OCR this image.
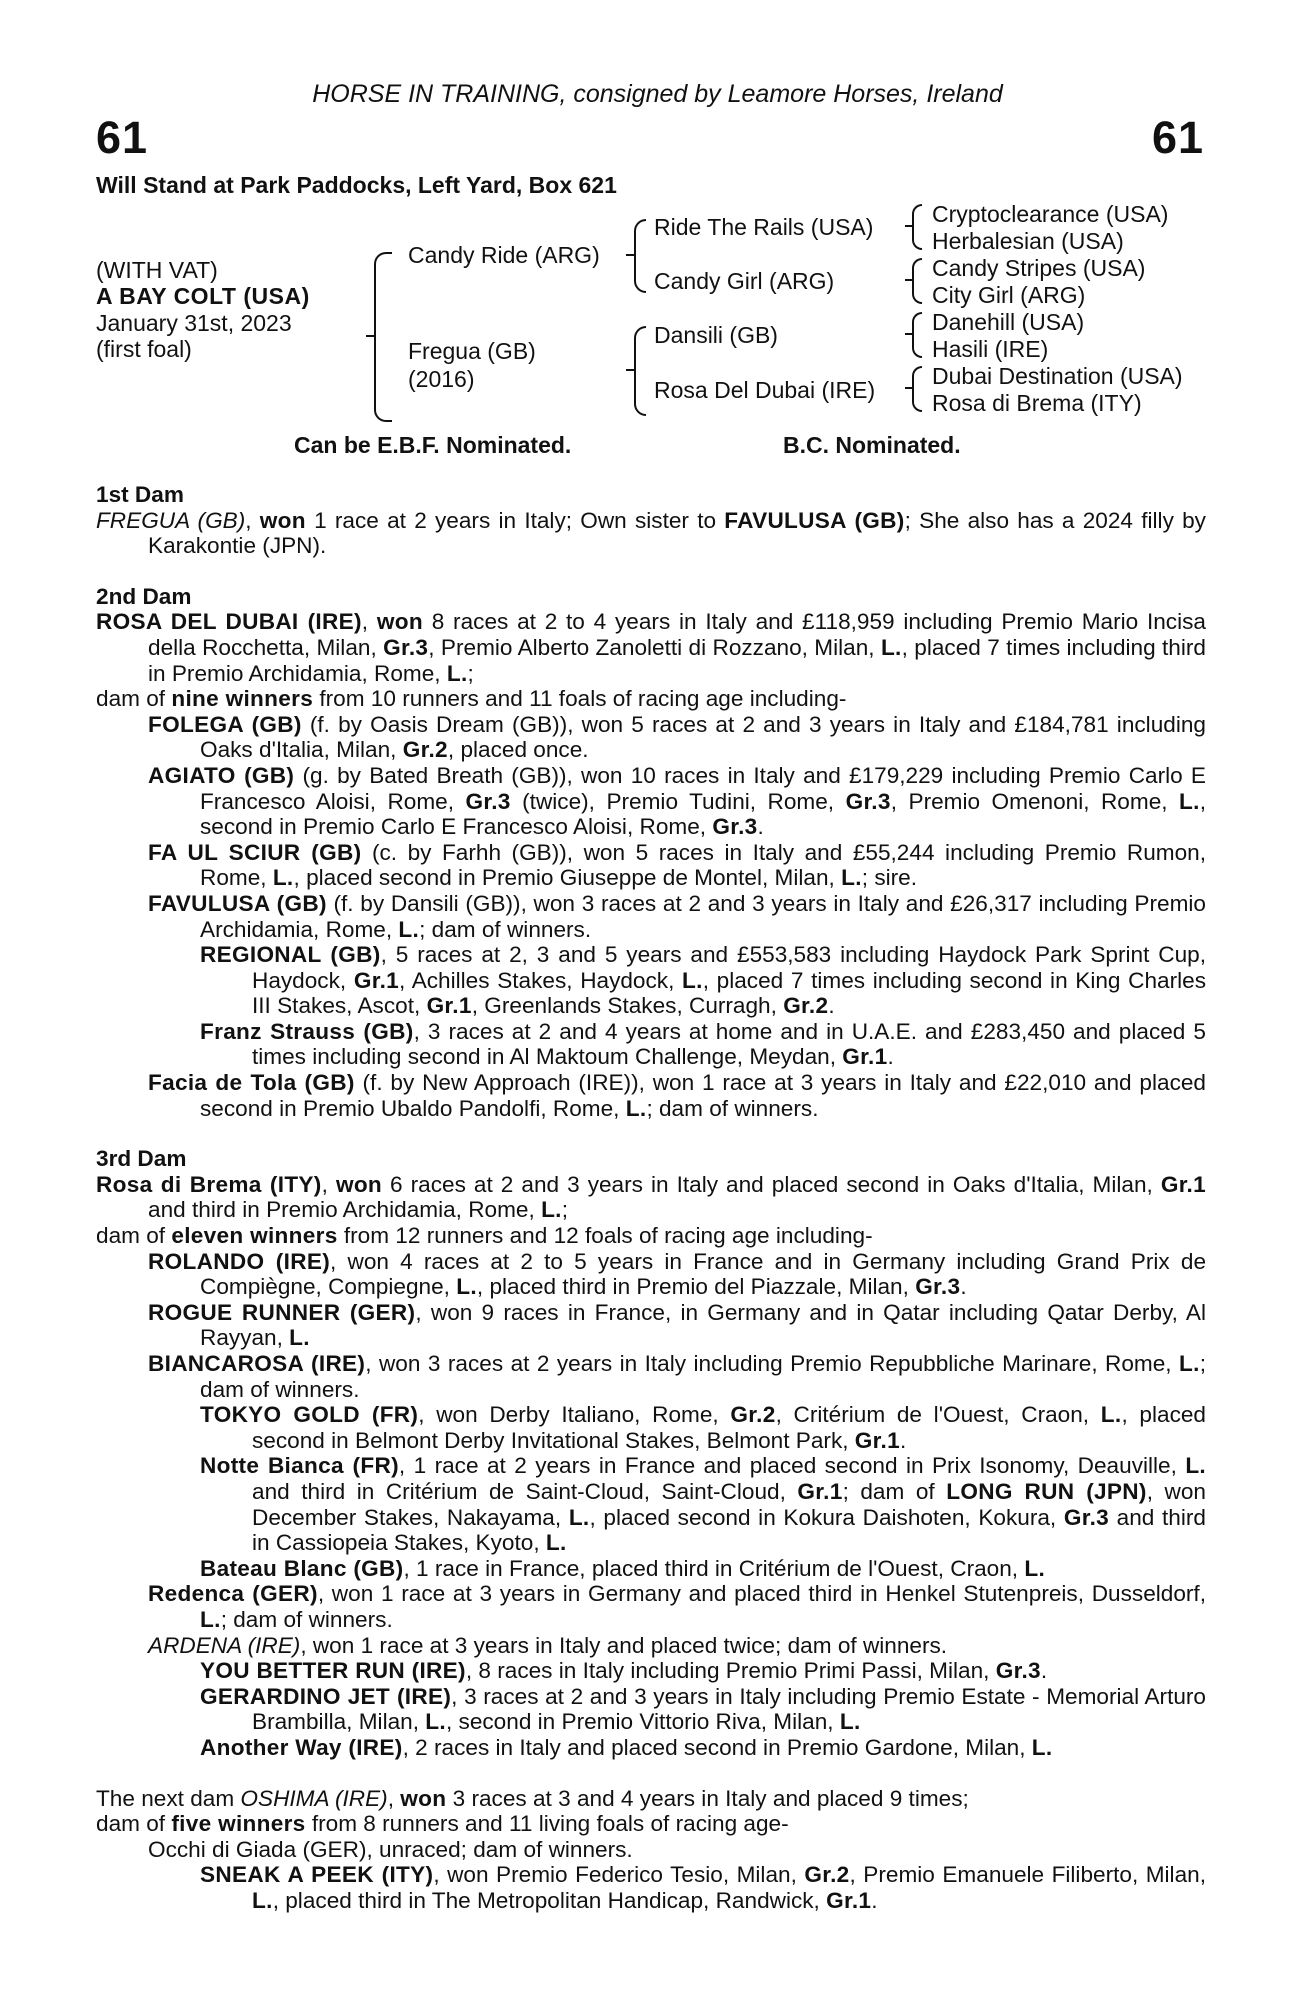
HORSE IN TRAINING, consigned by Leamore Horses, Ireland
61	61
Will Stand at Park Paddocks, Left Yard, Box 621
(WITH VAT)
A BAY COLT (USA)
January 31st, 2023
(first foal)
Candy Ride (ARG)
Fregua (GB)
(2016)
Ride The Rails (USA)
Candy Girl (ARG)
Dansili (GB)
Rosa Del Dubai (IRE)
Cryptoclearance (USA)
Herbalesian (USA)
Candy Stripes (USA)
City Girl (ARG)
Danehill (USA)
Hasili (IRE)
Dubai Destination (USA)
Rosa di Brema (ITY)
Can be E.B.F. Nominated.	B.C. Nominated.

1st Dam

FREGUA (GB), won 1 race at 2 years in Italy; Own sister to FAVULUSA (GB); She also has a 2024 filly by Karakontie (JPN).

2nd Dam

ROSA DEL DUBAI (IRE), won 8 races at 2 to 4 years in Italy and £118,959 including Premio Mario Incisa della Rocchetta, Milan, Gr.3, Premio Alberto Zanoletti di Rozzano, Milan, L., placed 7 times including third in Premio Archidamia, Rome, L.;

dam of nine winners from 10 runners and 11 foals of racing age including-

FOLEGA (GB) (f. by Oasis Dream (GB)), won 5 races at 2 and 3 years in Italy and £184,781 including Oaks d'Italia, Milan, Gr.2, placed once.

AGIATO (GB) (g. by Bated Breath (GB)), won 10 races in Italy and £179,229 including Premio Carlo E Francesco Aloisi, Rome, Gr.3 (twice), Premio Tudini, Rome, Gr.3, Premio Omenoni, Rome, L., second in Premio Carlo E Francesco Aloisi, Rome, Gr.3.

FA UL SCIUR (GB) (c. by Farhh (GB)), won 5 races in Italy and £55,244 including Premio Rumon, Rome, L., placed second in Premio Giuseppe de Montel, Milan, L.; sire.

FAVULUSA (GB) (f. by Dansili (GB)), won 3 races at 2 and 3 years in Italy and £26,317 including Premio Archidamia, Rome, L.; dam of winners.

REGIONAL (GB), 5 races at 2, 3 and 5 years and £553,583 including Haydock Park Sprint Cup, Haydock, Gr.1, Achilles Stakes, Haydock, L., placed 7 times including second in King Charles III Stakes, Ascot, Gr.1, Greenlands Stakes, Curragh, Gr.2.

Franz Strauss (GB), 3 races at 2 and 4 years at home and in U.A.E. and £283,450 and placed 5 times including second in Al Maktoum Challenge, Meydan, Gr.1.

Facia de Tola (GB) (f. by New Approach (IRE)), won 1 race at 3 years in Italy and £22,010 and placed second in Premio Ubaldo Pandolfi, Rome, L.; dam of winners.

3rd Dam

Rosa di Brema (ITY), won 6 races at 2 and 3 years in Italy and placed second in Oaks d'Italia, Milan, Gr.1 and third in Premio Archidamia, Rome, L.;

dam of eleven winners from 12 runners and 12 foals of racing age including-

ROLANDO (IRE), won 4 races at 2 to 5 years in France and in Germany including Grand Prix de Compiègne, Compiegne, L., placed third in Premio del Piazzale, Milan, Gr.3.

ROGUE RUNNER (GER), won 9 races in France, in Germany and in Qatar including Qatar Derby, Al Rayyan, L.

BIANCAROSA (IRE), won 3 races at 2 years in Italy including Premio Repubbliche Marinare, Rome, L.; dam of winners.

TOKYO GOLD (FR), won Derby Italiano, Rome, Gr.2, Critérium de l'Ouest, Craon, L., placed second in Belmont Derby Invitational Stakes, Belmont Park, Gr.1.

Notte Bianca (FR), 1 race at 2 years in France and placed second in Prix Isonomy, Deauville, L. and third in Critérium de Saint-Cloud, Saint-Cloud, Gr.1; dam of LONG RUN (JPN), won December Stakes, Nakayama, L., placed second in Kokura Daishoten, Kokura, Gr.3 and third in Cassiopeia Stakes, Kyoto, L.

Bateau Blanc (GB), 1 race in France, placed third in Critérium de l'Ouest, Craon, L.

Redenca (GER), won 1 race at 3 years in Germany and placed third in Henkel Stutenpreis, Dusseldorf, L.; dam of winners.

ARDENA (IRE), won 1 race at 3 years in Italy and placed twice; dam of winners.

YOU BETTER RUN (IRE), 8 races in Italy including Premio Primi Passi, Milan, Gr.3.

GERARDINO JET (IRE), 3 races at 2 and 3 years in Italy including Premio Estate - Memorial Arturo Brambilla, Milan, L., second in Premio Vittorio Riva, Milan, L.

Another Way (IRE), 2 races in Italy and placed second in Premio Gardone, Milan, L.

The next dam OSHIMA (IRE), won 3 races at 3 and 4 years in Italy and placed 9 times;

dam of five winners from 8 runners and 11 living foals of racing age-

Occhi di Giada (GER), unraced; dam of winners.

SNEAK A PEEK (ITY), won Premio Federico Tesio, Milan, Gr.2, Premio Emanuele Filiberto, Milan, L., placed third in The Metropolitan Handicap, Randwick, Gr.1.
